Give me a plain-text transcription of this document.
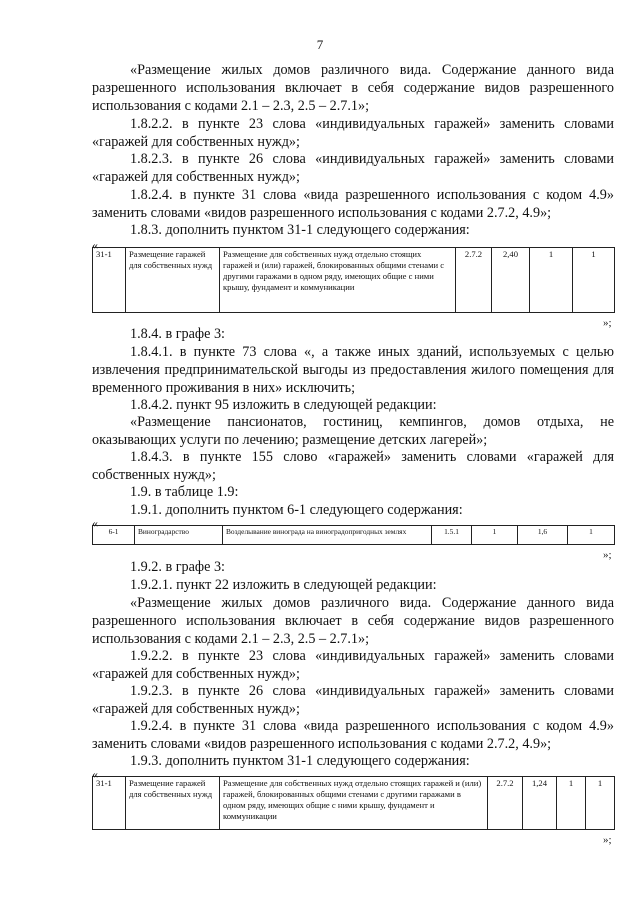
7
«Размещение жилых домов различного вида. Содержание данного вида разрешенного использования включает в себя содержание видов разрешенного использования с кодами 2.1 – 2.3, 2.5 – 2.7.1»;
1.8.2.2. в пункте 23 слова «индивидуальных гаражей» заменить словами «гаражей для собственных нужд»;
1.8.2.3. в пункте 26 слова «индивидуальных гаражей» заменить словами «гаражей для собственных нужд»;
1.8.2.4. в пункте 31 слова «вида разрешенного использования с кодом 4.9» заменить словами «видов разрешенного использования с кодами 2.7.2, 4.9»;
1.8.3. дополнить пунктом 31-1 следующего содержания:
«
31-1	Размещение гаражей для собственных нужд	Размещение для собственных нужд отдельно стоящих гаражей и (или) гаражей, блокированных общими стенами с другими гаражами в одном ряду, имеющих общие с ними крышу, фундамент и коммуникации	2.7.2	2,40	1	1
»;
1.8.4. в графе 3:
1.8.4.1. в пункте 73 слова «, а также иных зданий, используемых с целью извлечения предпринимательской выгоды из предоставления жилого помещения для временного проживания в них» исключить;
1.8.4.2. пункт 95 изложить в следующей редакции:
«Размещение пансионатов, гостиниц, кемпингов, домов отдыха, не оказывающих услуги по лечению; размещение детских лагерей»;
1.8.4.3. в пункте 155 слово «гаражей» заменить словами «гаражей для собственных нужд»;
1.9. в таблице 1.9:
1.9.1. дополнить пунктом 6-1 следующего содержания:
«
6-1	Виноградарство	Возделывание винограда на виноградопригодных землях	1.5.1	1	1,6	1
»;
1.9.2. в графе 3:
1.9.2.1. пункт 22 изложить в следующей редакции:
«Размещение жилых домов различного вида. Содержание данного вида разрешенного использования включает в себя содержание видов разрешенного использования с кодами 2.1 – 2.3, 2.5 – 2.7.1»;
1.9.2.2. в пункте 23 слова «индивидуальных гаражей» заменить словами «гаражей для собственных нужд»;
1.9.2.3. в пункте 26 слова «индивидуальных гаражей» заменить словами «гаражей для собственных нужд»;
1.9.2.4. в пункте 31 слова «вида разрешенного использования с кодом 4.9» заменить словами «видов разрешенного использования с кодами 2.7.2, 4.9»;
1.9.3. дополнить пунктом 31-1 следующего содержания:
«
31-1	Размещение гаражей для собственных нужд	Размещение для собственных нужд отдельно стоящих гаражей и (или) гаражей, блокированных общими стенами с другими гаражами в одном ряду, имеющих общие с ними крышу, фундамент и коммуникации	2.7.2	1,24	1	1
»;
